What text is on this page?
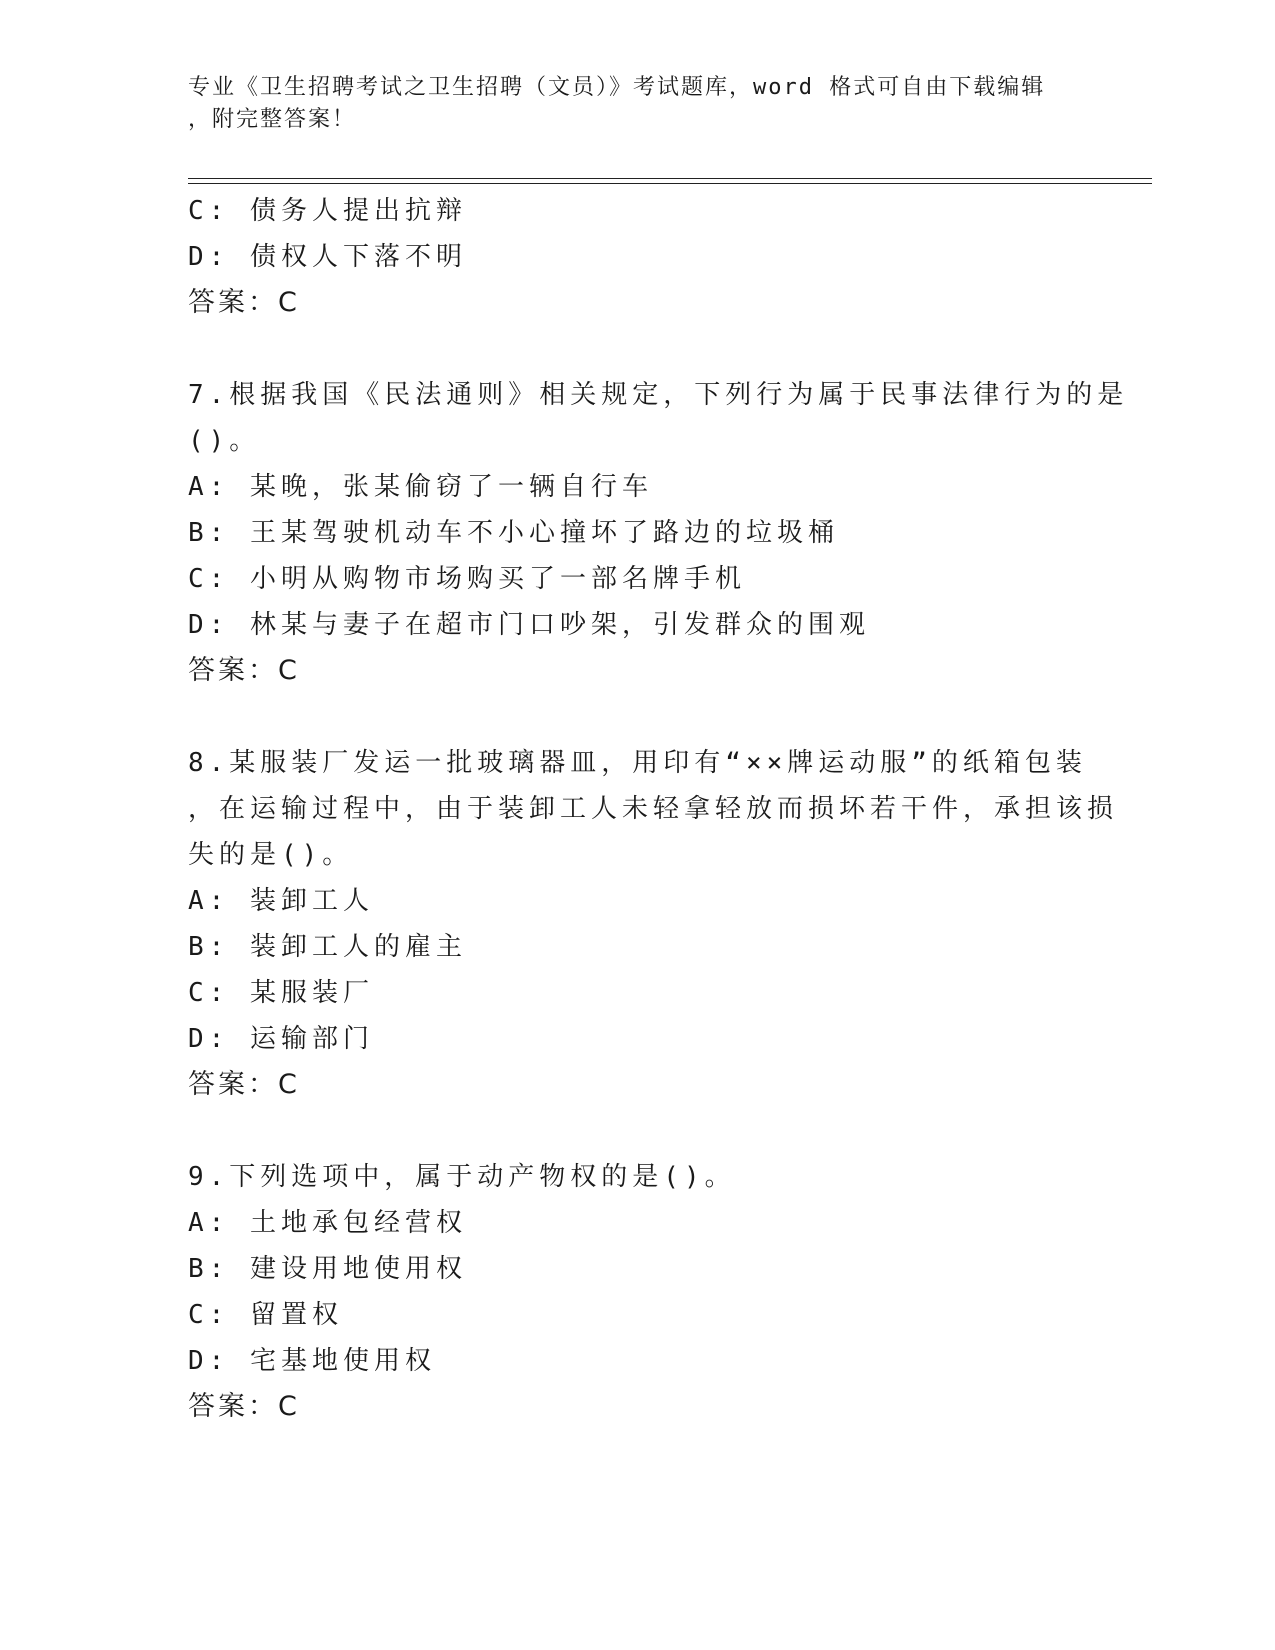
专业《卫生招聘考试之卫生招聘（文员）》考试题库，word 格式可自由下载编辑
，附完整答案！
C: 债务人提出抗辩
D: 债权人下落不明
答案：C
7.根据我国《民法通则》相关规定，下列行为属于民事法律行为的是
()。
A: 某晚，张某偷窃了一辆自行车
B: 王某驾驶机动车不小心撞坏了路边的垃圾桶
C: 小明从购物市场购买了一部名牌手机
D: 林某与妻子在超市门口吵架，引发群众的围观
答案：C
8.某服装厂发运一批玻璃器皿，用印有“××牌运动服”的纸箱包装
，在运输过程中，由于装卸工人未轻拿轻放而损坏若干件，承担该损
失的是()。
A: 装卸工人
B: 装卸工人的雇主
C: 某服装厂
D: 运输部门
答案：C
9.下列选项中，属于动产物权的是()。
A: 土地承包经营权
B: 建设用地使用权
C: 留置权
D: 宅基地使用权
答案：C
